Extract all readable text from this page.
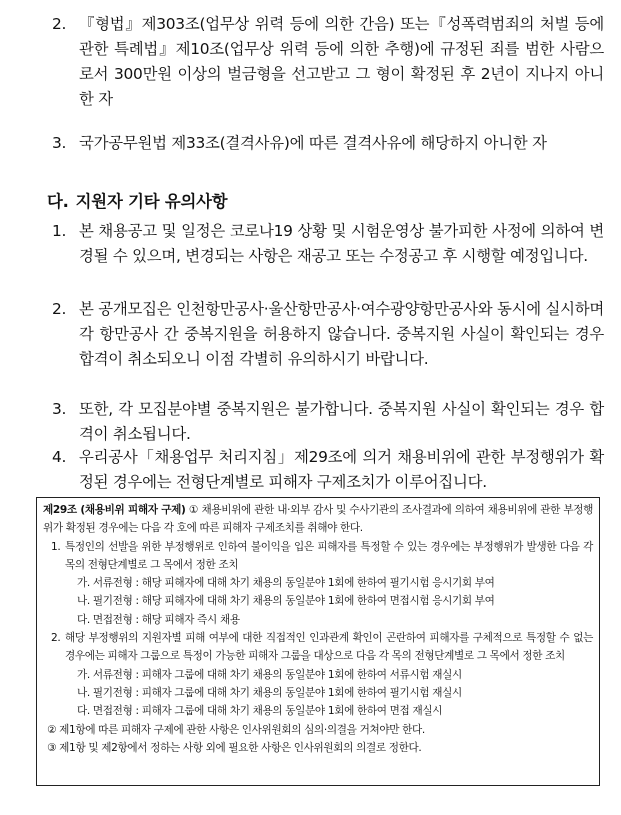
2. 『형법』제303조(업무상 위력 등에 의한 간음) 또는『성폭력범죄의 처벌 등에 관한 특례법』제10조(업무상 위력 등에 의한 추행)에 규정된 죄를 범한 사람으로서 300만원 이상의 벌금형을 선고받고 그 형이 확정된 후 2년이 지나지 아니한 자
3. 국가공무원법 제33조(결격사유)에 따른 결격사유에 해당하지 아니한 자
다. 지원자 기타 유의사항
1. 본 채용공고 및 일정은 코로나19 상황 및 시험운영상 불가피한 사정에 의하여 변경될 수 있으며, 변경되는 사항은 재공고 또는 수정공고 후 시행할 예정입니다.
2. 본 공개모집은 인천항만공사·울산항만공사·여수광양항만공사와 동시에 실시하며 각 항만공사 간 중복지원을 허용하지 않습니다. 중복지원 사실이 확인되는 경우 합격이 취소되오니 이점 각별히 유의하시기 바랍니다.
3. 또한, 각 모집분야별 중복지원은 불가합니다. 중복지원 사실이 확인되는 경우 합격이 취소됩니다.
4. 우리공사「채용업무 처리지침」제29조에 의거 채용비위에 관한 부정행위가 확정된 경우에는 전형단계별로 피해자 구제조치가 이루어집니다.
제29조 (채용비위 피해자 구제) ① 채용비위에 관한 내·외부 감사 및 수사기관의 조사결과에 의하여 채용비위에 관한 부정행위가 확정된 경우에는 다음 각 호에 따른 피해자 구제조치를 취해야 한다.
1. 특정인의 선발을 위한 부정행위로 인하여 불이익을 입은 피해자를 특정할 수 있는 경우에는 부정행위가 발생한 다음 각 목의 전형단계별로 그 목에서 정한 조치
가. 서류전형 : 해당 피해자에 대해 차기 채용의 동일분야 1회에 한하여 필기시험 응시기회 부여
나. 필기전형 : 해당 피해자에 대해 차기 채용의 동일분야 1회에 한하여 면접시험 응시기회 부여
다. 면접전형 : 해당 피해자 즉시 채용
2. 해당 부정행위의 지원자별 피해 여부에 대한 직접적인 인과관계 확인이 곤란하여 피해자를 구체적으로 특정할 수 없는 경우에는 피해자 그룹으로 특정이 가능한 피해자 그룹을 대상으로 다음 각 목의 전형단계별로 그 목에서 정한 조치
가. 서류전형 : 피해자 그룹에 대해 차기 채용의 동일분야 1회에 한하여 서류시험 재실시
나. 필기전형 : 피해자 그룹에 대해 차기 채용의 동일분야 1회에 한하여 필기시험 재실시
다. 면접전형 : 피해자 그룹에 대해 차기 채용의 동일분야 1회에 한하여 면접 재실시
② 제1항에 따른 피해자 구제에 관한 사항은 인사위원회의 심의·의결을 거쳐야만 한다.
③ 제1항 및 제2항에서 정하는 사항 외에 필요한 사항은 인사위원회의 의결로 정한다.
